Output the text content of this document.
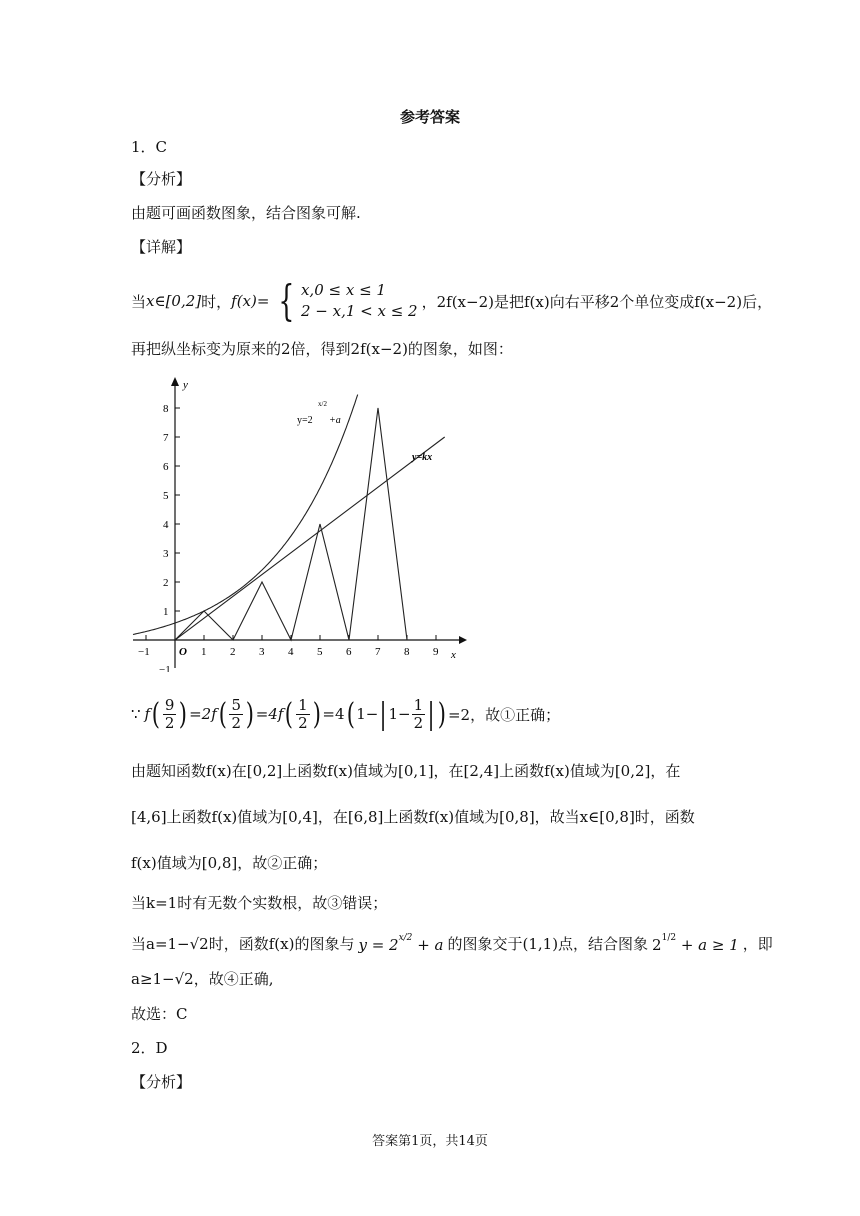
参考答案
1．C
【分析】
由题可画函数图象，结合图象可解.
【详解】
当 x∈[0,2] 时， f(x)= { x,0 ≤ x ≤ 1
2 − x,1 < x ≤ 2
，2f(x−2)是把f(x)向右平移2个单位变成f(x−2)后，
再把纵坐标变为原来的2倍，得到2f(x−2)的图象，如图：
−1	1 2 3 4 5 6 7 8 9
−1
1
2
3
4
5
6
7
8
y
x
O
y=2
x/2
+a
y=kx
∵ f ( $\frac{9}{2}$ ) =2f ( $\frac{5}{2}$ ) =4f ( $\frac{1}{2}$ ) =4 ( 1− | $1- \frac{1}{2}$ | ) =2，故①正确；
由题知函数f(x)在[0,2]上函数f(x)值域为[0,1]，在[2,4]上函数f(x)值域为[0,2]，在
[4,6]上函数f(x)值域为[0,4]，在[6,8]上函数f(x)值域为[0,8]，故当x∈[0,8]时，函数
f(x)值域为[0,8]，故②正确；
当k=1时有无数个实数根，故③错误；
当a=1−√2时，函数f(x)的图象与 $y = 2^{x/2} + a$ 的图象交于(1,1)点，结合图象 $2^{1/2} + a \ge 1$ ，即
a≥1−√2，故④正确,
故选：C
2．D
【分析】
答案第1页，共14页
